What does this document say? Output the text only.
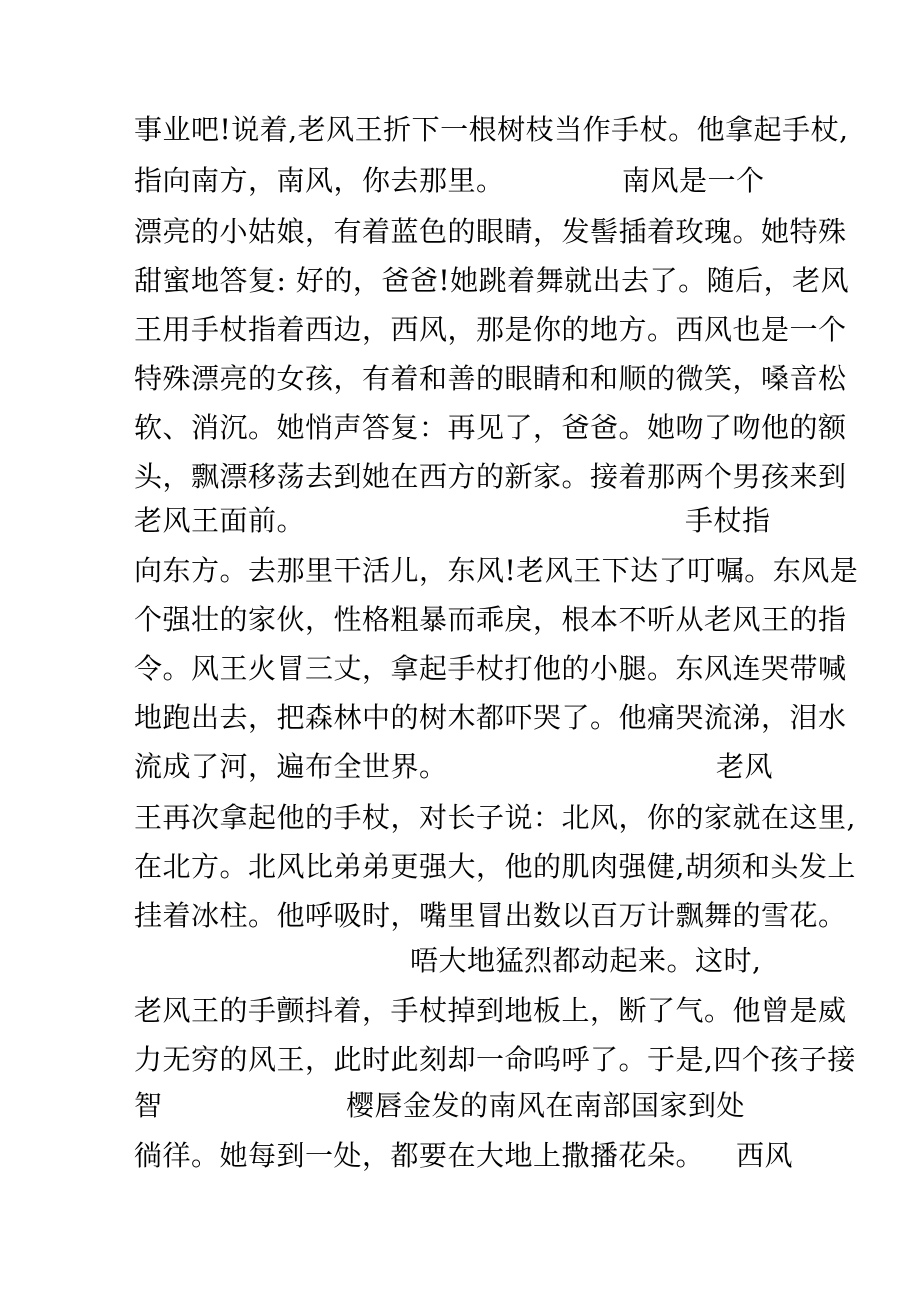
事业吧!说着,老风王折下一根树枝当作手杖。他拿起手杖,
指向南方，南风，你去那里。	南风是一个
漂亮的小姑娘，有着蓝色的眼睛，发髻插着玫瑰。她特殊
甜蜜地答复: 好的，爸爸!她跳着舞就出去了。随后，老风
王用手杖指着西边，西风，那是你的地方。西风也是一个
特殊漂亮的女孩，有着和善的眼睛和和顺的微笑，嗓音松
软、消沉。她悄声答复：再见了，爸爸。她吻了吻他的额
头，飘漂移荡去到她在西方的新家。接着那两个男孩来到
老风王面前。	手杖指
向东方。去那里干活儿，东风!老风王下达了叮嘱。东风是
个强壮的家伙，性格粗暴而乖戾，根本不听从老风王的指
令。风王火冒三丈，拿起手杖打他的小腿。东风连哭带喊
地跑出去，把森林中的树木都吓哭了。他痛哭流涕，泪水
流成了河，遍布全世界。	老风
王再次拿起他的手杖，对长子说：北风，你的家就在这里,
在北方。北风比弟弟更强大，他的肌肉强健,胡须和头发上
挂着冰柱。他呼吸时，嘴里冒出数以百万计飘舞的雪花。
唔大地猛烈都动起来。这时,
老风王的手颤抖着，手杖掉到地板上，断了气。他曾是威
力无穷的风王，此时此刻却一命呜呼了。于是,四个孩子接
智	樱唇金发的南风在南部国家到处
徜徉。她每到一处，都要在大地上撒播花朵。 西风
